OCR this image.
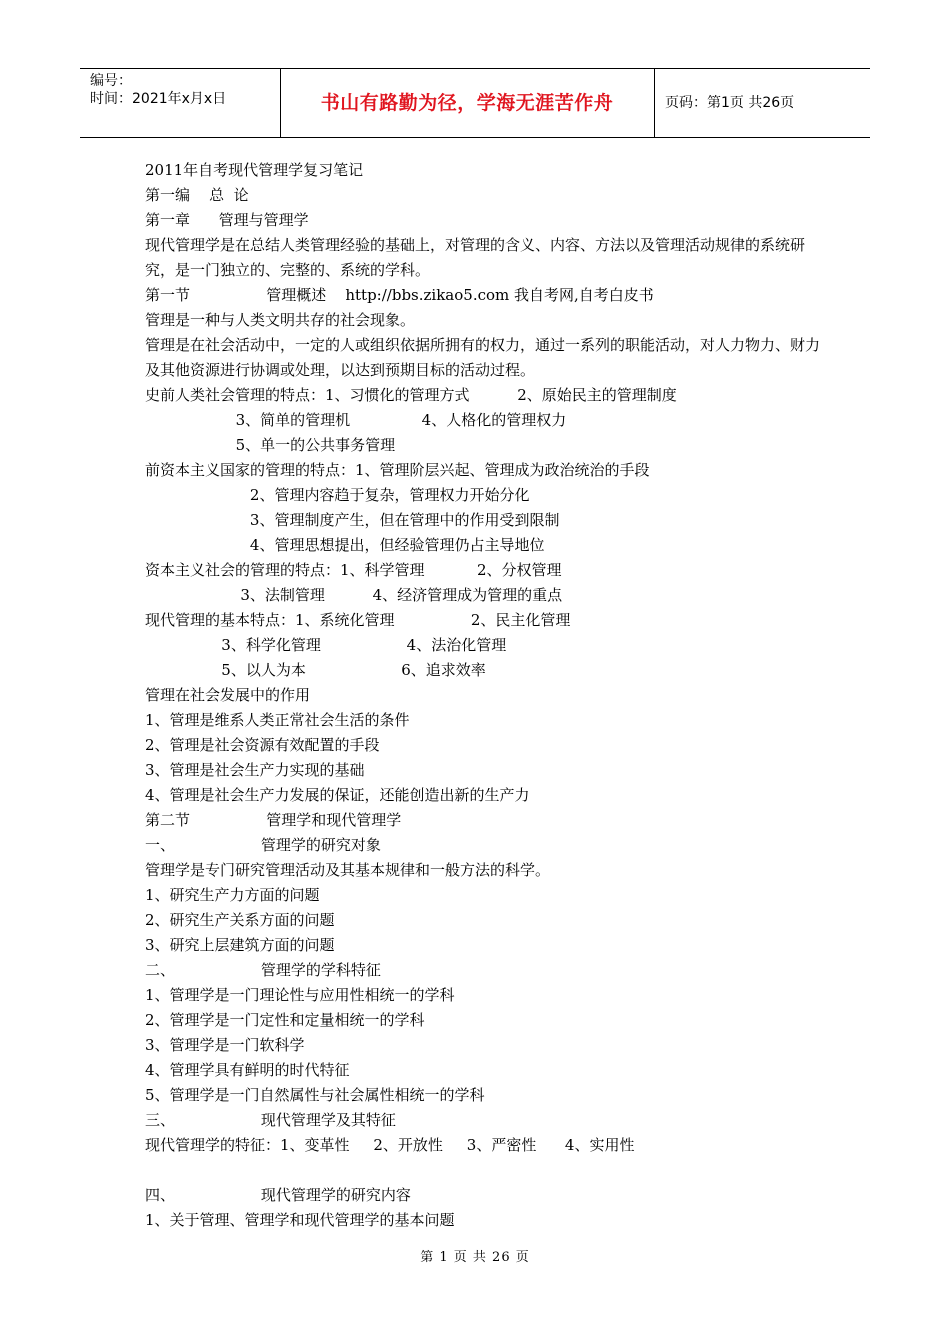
编号：
时间：2021年x月x日	书山有路勤为径，学海无涯苦作舟	页码：第1页 共26页
2011年自考现代管理学复习笔记
第一编    总  论
第一章      管理与管理学
现代管理学是在总结人类管理经验的基础上，对管理的含义、内容、方法以及管理活动规律的系统研究，是一门独立的、完整的、系统的学科。
第一节                管理概述    http://bbs.zikao5.com 我自考网,自考白皮书
管理是一种与人类文明共存的社会现象。
管理是在社会活动中，一定的人或组织依据所拥有的权力，通过一系列的职能活动，对人力物力、财力及其他资源进行协调或处理，以达到预期目标的活动过程。
史前人类社会管理的特点：1、习惯化的管理方式          2、原始民主的管理制度
3、简单的管理机               4、人格化的管理权力
5、单一的公共事务管理
前资本主义国家的管理的特点：1、管理阶层兴起、管理成为政治统治的手段
2、管理内容趋于复杂，管理权力开始分化
3、管理制度产生，但在管理中的作用受到限制
4、管理思想提出，但经验管理仍占主导地位
资本主义社会的管理的特点：1、科学管理           2、分权管理
3、法制管理          4、经济管理成为管理的重点
现代管理的基本特点：1、系统化管理                2、民主化管理
3、科学化管理                  4、法治化管理
5、以人为本                    6、追求效率
管理在社会发展中的作用
1、管理是维系人类正常社会生活的条件
2、管理是社会资源有效配置的手段
3、管理是社会生产力实现的基础
4、管理是社会生产力发展的保证，还能创造出新的生产力
第二节                管理学和现代管理学
一、                  管理学的研究对象
管理学是专门研究管理活动及其基本规律和一般方法的科学。
1、研究生产力方面的问题
2、研究生产关系方面的问题
3、研究上层建筑方面的问题
二、                  管理学的学科特征
1、管理学是一门理论性与应用性相统一的学科
2、管理学是一门定性和定量相统一的学科
3、管理学是一门软科学
4、管理学具有鲜明的时代特征
5、管理学是一门自然属性与社会属性相统一的学科
三、                  现代管理学及其特征
现代管理学的特征：1、变革性     2、开放性     3、严密性      4、实用性
四、                  现代管理学的研究内容
1、关于管理、管理学和现代管理学的基本问题
第 1 页 共 26 页
